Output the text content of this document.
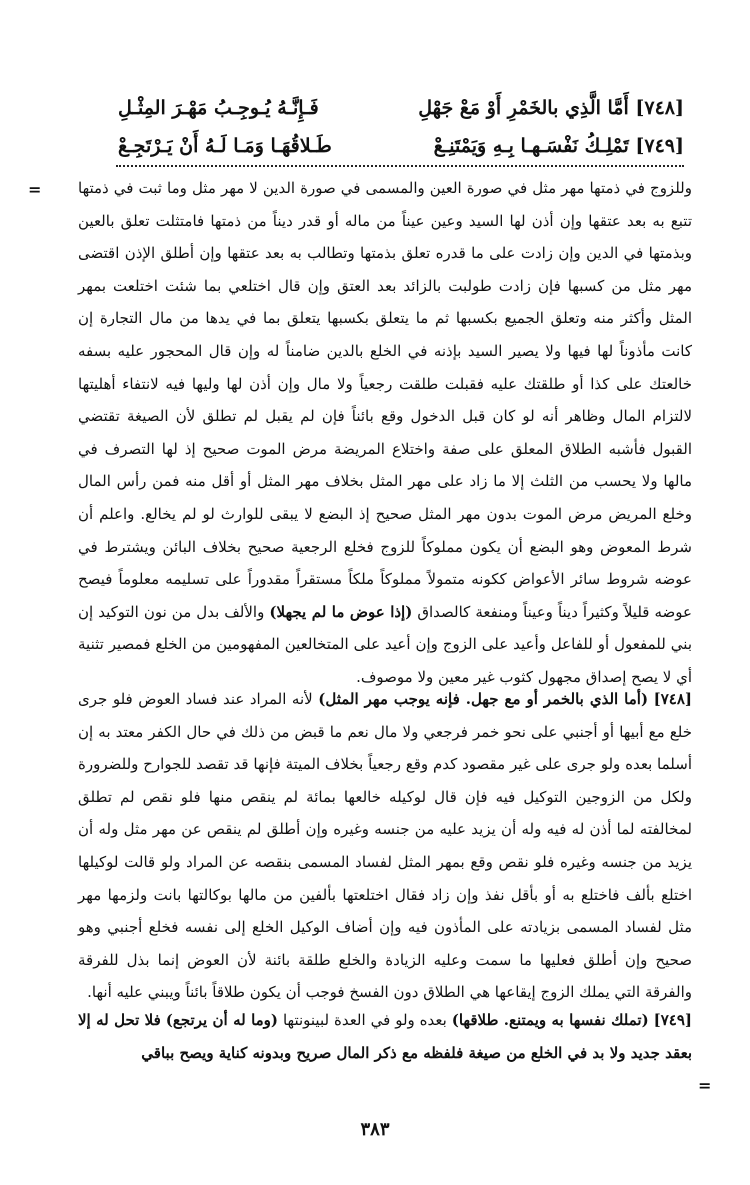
[٧٤٨] أَمَّا الَّذِي بالخَمْرِ أَوْ مَعْ جَهْلِ
فَـإِنَّـهُ يُـوجِـبُ مَهْـرَ المِثْـلِ
[٧٤٩] تَمْلِـكُ نَفْسَـهـا بِـهِ وَيَمْتَنِـعْ
طَـلاقُهَـا وَمَـا لَـهُ أَنْ يَـرْتَجِـعْ
= وللزوج في ذمتها مهر مثل في صورة العين والمسمى في صورة الدين لا مهر مثل وما ثبت في ذمتها تتبع به بعد عتقها وإن أذن لها السيد وعين عيناً من ماله أو قدر ديناً من ذمتها فامتثلت تعلق بالعين وبذمتها في الدين وإن زادت على ما قدره تعلق بذمتها وتطالب به بعد عتقها وإن أطلق الإذن اقتضى مهر مثل من كسبها فإن زادت طولبت بالزائد بعد العتق وإن قال اختلعي بما شئت اختلعت بمهر المثل وأكثر منه وتعلق الجميع بكسبها ثم ما يتعلق بكسبها يتعلق بما في يدها من مال التجارة إن كانت مأذوناً لها فيها ولا يصير السيد بإذنه في الخلع بالدين ضامناً له وإن قال المحجور عليه بسفه خالعتك على كذا أو طلقتك عليه فقبلت طلقت رجعياً ولا مال وإن أذن لها وليها فيه لانتفاء أهليتها لالتزام المال وظاهر أنه لو كان قبل الدخول وقع بائناً فإن لم يقبل لم تطلق لأن الصيغة تقتضي القبول فأشبه الطلاق المعلق على صفة واختلاع المريضة مرض الموت صحيح إذ لها التصرف في مالها ولا يحسب من الثلث إلا ما زاد على مهر المثل بخلاف مهر المثل أو أقل منه فمن رأس المال وخلع المريض مرض الموت بدون مهر المثل صحيح إذ البضع لا يبقى للوارث لو لم يخالع. واعلم أن شرط المعوض وهو البضع أن يكون مملوكاً للزوج فخلع الرجعية صحيح بخلاف البائن ويشترط في عوضه شروط سائر الأعواض ككونه متمولاً مملوكاً ملكاً مستقراً مقدوراً على تسليمه معلوماً فيصح عوضه قليلاً وكثيراً ديناً وعيناً ومنفعة كالصداق (إذا عوض ما لم يجهلا) والألف بدل من نون التوكيد إن بني للمفعول أو للفاعل وأعيد على الزوج وإن أعيد على المتخالعين المفهومين من الخلع فمصير تثنية أي لا يصح إصداق مجهول كثوب غير معين ولا موصوف.
[٧٤٨] (أما الذي بالخمر أو مع جهل. فإنه يوجب مهر المثل) لأنه المراد عند فساد العوض فلو جرى خلع مع أبيها أو أجنبي على نحو خمر فرجعي ولا مال نعم ما قبض من ذلك في حال الكفر معتد به إن أسلما بعده ولو جرى على غير مقصود كدم وقع رجعياً بخلاف الميتة فإنها قد تقصد للجوارح وللضرورة ولكل من الزوجين التوكيل فيه فإن قال لوكيله خالعها بمائة لم ينقص منها فلو نقص لم تطلق لمخالفته لما أذن له فيه وله أن يزيد عليه من جنسه وغيره وإن أطلق لم ينقص عن مهر مثل وله أن يزيد من جنسه وغيره فلو نقص وقع بمهر المثل لفساد المسمى بنقصه عن المراد ولو قالت لوكيلها اختلع بألف فاختلع به أو بأقل نفذ وإن زاد فقال اختلعتها بألفين من مالها بوكالتها بانت ولزمها مهر مثل لفساد المسمى بزيادته على المأذون فيه وإن أضاف الوكيل الخلع إلى نفسه فخلع أجنبي وهو صحيح وإن أطلق فعليها ما سمت وعليه الزيادة والخلع طلقة بائنة لأن العوض إنما بذل للفرقة والفرقة التي يملك الزوج إيقاعها هي الطلاق دون الفسخ فوجب أن يكون طلاقاً بائناً ويبني عليه أنها.
[٧٤٩] (تملك نفسها به ويمتنع. طلاقها) بعده ولو في العدة لبينونتها (وما له أن يرتجع) فلا تحل له إلا بعقد جديد ولا بد في الخلع من صيغة فلفظه مع ذكر المال صريح وبدونه كناية ويصح بباقي
=
٣٨٣
